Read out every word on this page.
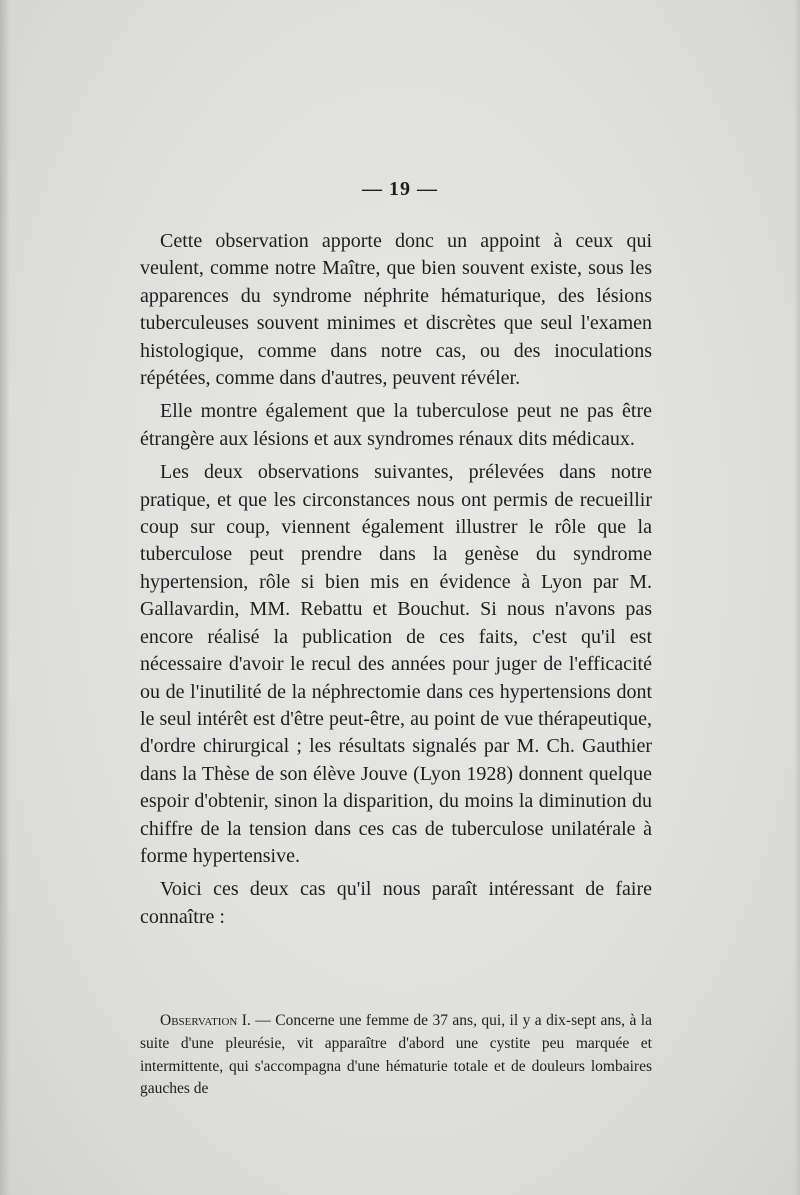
— 19 —

Cette observation apporte donc un appoint à ceux qui veulent, comme notre Maître, que bien souvent existe, sous les apparences du syndrome néphrite hématurique, des lésions tuberculeuses souvent minimes et discrètes que seul l'examen histologique, comme dans notre cas, ou des inoculations répétées, comme dans d'autres, peuvent révéler.

Elle montre également que la tuberculose peut ne pas être étrangère aux lésions et aux syndromes rénaux dits médicaux.

Les deux observations suivantes, prélevées dans notre pratique, et que les circonstances nous ont permis de recueillir coup sur coup, viennent également illustrer le rôle que la tuberculose peut prendre dans la genèse du syndrome hypertension, rôle si bien mis en évidence à Lyon par M. Gallavardin, MM. Rebattu et Bouchut. Si nous n'avons pas encore réalisé la publication de ces faits, c'est qu'il est nécessaire d'avoir le recul des années pour juger de l'efficacité ou de l'inutilité de la néphrectomie dans ces hypertensions dont le seul intérêt est d'être peut-être, au point de vue thérapeutique, d'ordre chirurgical ; les résultats signalés par M. Ch. Gauthier dans la Thèse de son élève Jouve (Lyon 1928) donnent quelque espoir d'obtenir, sinon la disparition, du moins la diminution du chiffre de la tension dans ces cas de tuberculose unilatérale à forme hypertensive.

Voici ces deux cas qu'il nous paraît intéressant de faire connaître :

Observation I. — Concerne une femme de 37 ans, qui, il y a dix-sept ans, à la suite d'une pleurésie, vit apparaître d'abord une cystite peu marquée et intermittente, qui s'accompagna d'une hématurie totale et de douleurs lombaires gauches de
